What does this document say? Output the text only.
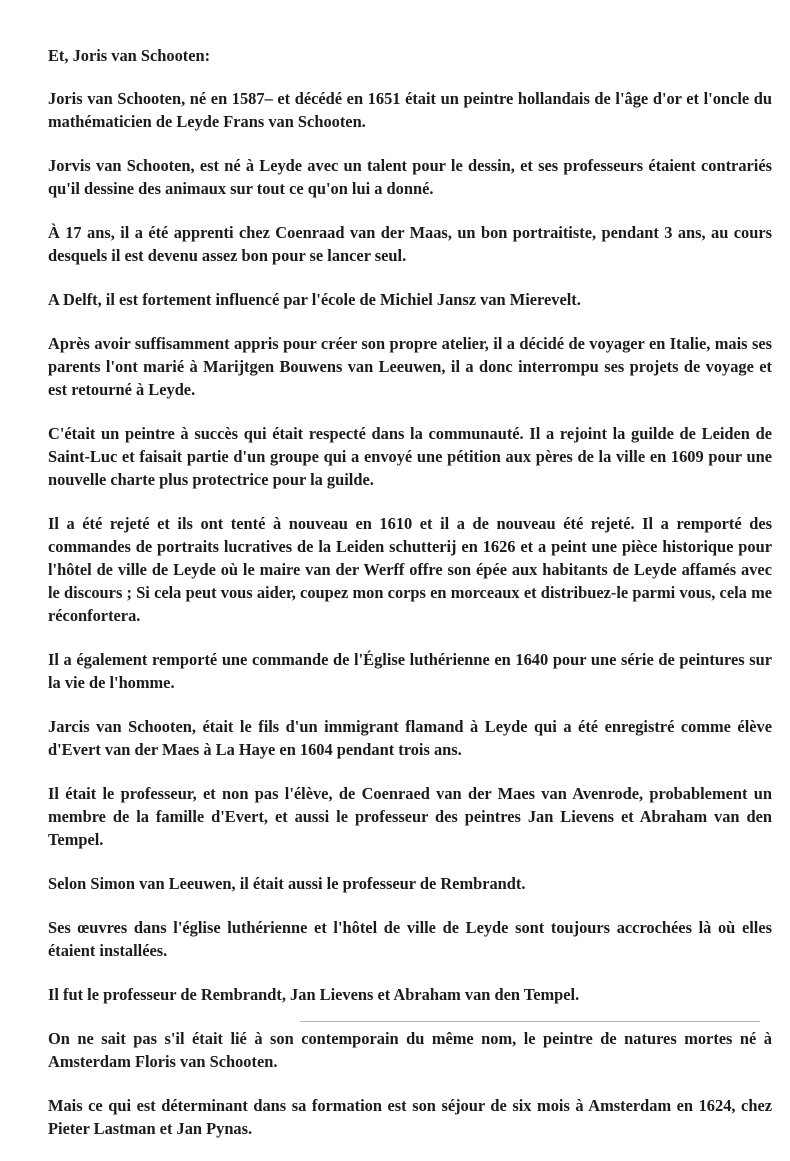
Et, Joris van Schooten:

Joris van Schooten, né en 1587– et décédé en 1651 était un peintre hollandais de l'âge d'or et l'oncle du mathématicien de Leyde Frans van Schooten.

Jorvis van Schooten, est né à Leyde avec un talent pour le dessin, et ses professeurs étaient contrariés qu'il dessine des animaux sur tout ce qu'on lui a donné.

À 17 ans, il a été apprenti chez Coenraad van der Maas, un bon portraitiste, pendant 3 ans, au cours desquels il est devenu assez bon pour se lancer seul.

A Delft, il est fortement influencé par l'école de Michiel Jansz van Mierevelt.

Après avoir suffisamment appris pour créer son propre atelier, il a décidé de voyager en Italie, mais ses parents l'ont marié à Marijtgen Bouwens van Leeuwen, il a donc interrompu ses projets de voyage et est retourné à Leyde.

C'était un peintre à succès qui était respecté dans la communauté. Il a rejoint la guilde de Leiden de Saint-Luc et faisait partie d'un groupe qui a envoyé une pétition aux pères de la ville en 1609 pour une nouvelle charte plus protectrice pour la guilde.

Il a été rejeté et ils ont tenté à nouveau en 1610 et il a de nouveau été rejeté. Il a remporté des commandes de portraits lucratives de la Leiden schutterij en 1626 et a peint une pièce historique pour l'hôtel de ville de Leyde où le maire van der Werff offre son épée aux habitants de Leyde affamés avec le discours ; Si cela peut vous aider, coupez mon corps en morceaux et distribuez-le parmi vous, cela me réconfortera.

Il a également remporté une commande de l'Église luthérienne en 1640 pour une série de peintures sur la vie de l'homme.

Jarcis van Schooten, était le fils d'un immigrant flamand à Leyde qui a été enregistré comme élève d'Evert van der Maes à La Haye en 1604 pendant trois ans.

Il était le professeur, et non pas l'élève, de Coenraed van der Maes van Avenrode, probablement un membre de la famille d'Evert, et aussi le professeur des peintres Jan Lievens et Abraham van den Tempel.

Selon Simon van Leeuwen, il était aussi le professeur de Rembrandt.

Ses œuvres dans l'église luthérienne et l'hôtel de ville de Leyde sont toujours accrochées là où elles étaient installées.

Il fut le professeur de Rembrandt, Jan Lievens et Abraham van den Tempel.

On ne sait pas s'il était lié à son contemporain du même nom, le peintre de natures mortes né à Amsterdam Floris van Schooten.

Mais ce qui est déterminant dans sa formation est son séjour de six mois à Amsterdam en 1624, chez Pieter Lastman et Jan Pynas.
